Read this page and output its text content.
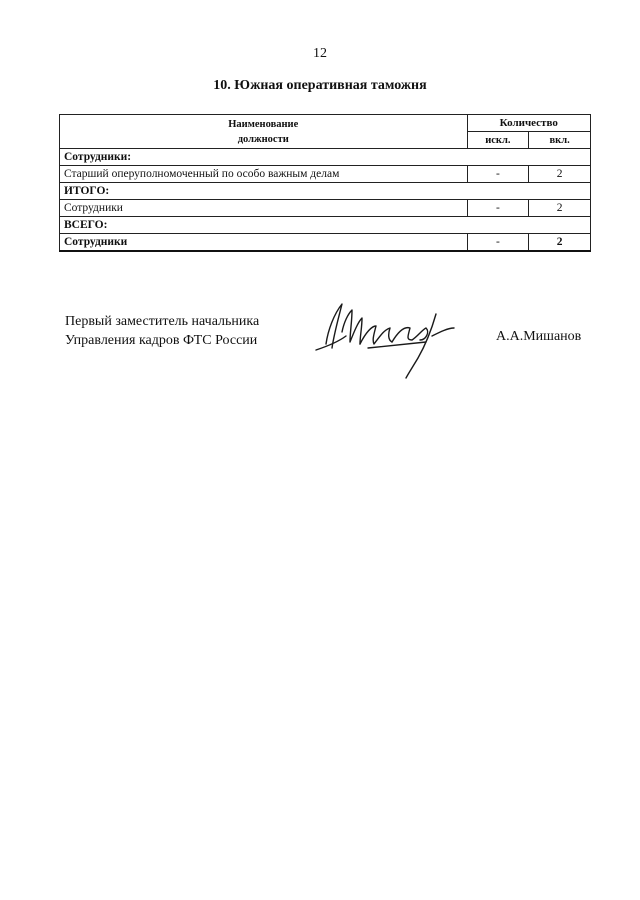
12
10. Южная оперативная таможня
Наименование
должности	Количество	
	искл.	вкл.
Сотрудники:		
Старший оперуполномоченный по особо важным делам	-	2
ИТОГО:		
Сотрудники	-	2
ВСЕГО:		
Сотрудники	-	2
Первый заместитель начальника
Управления кадров ФТС России	А.А.Мишанов
